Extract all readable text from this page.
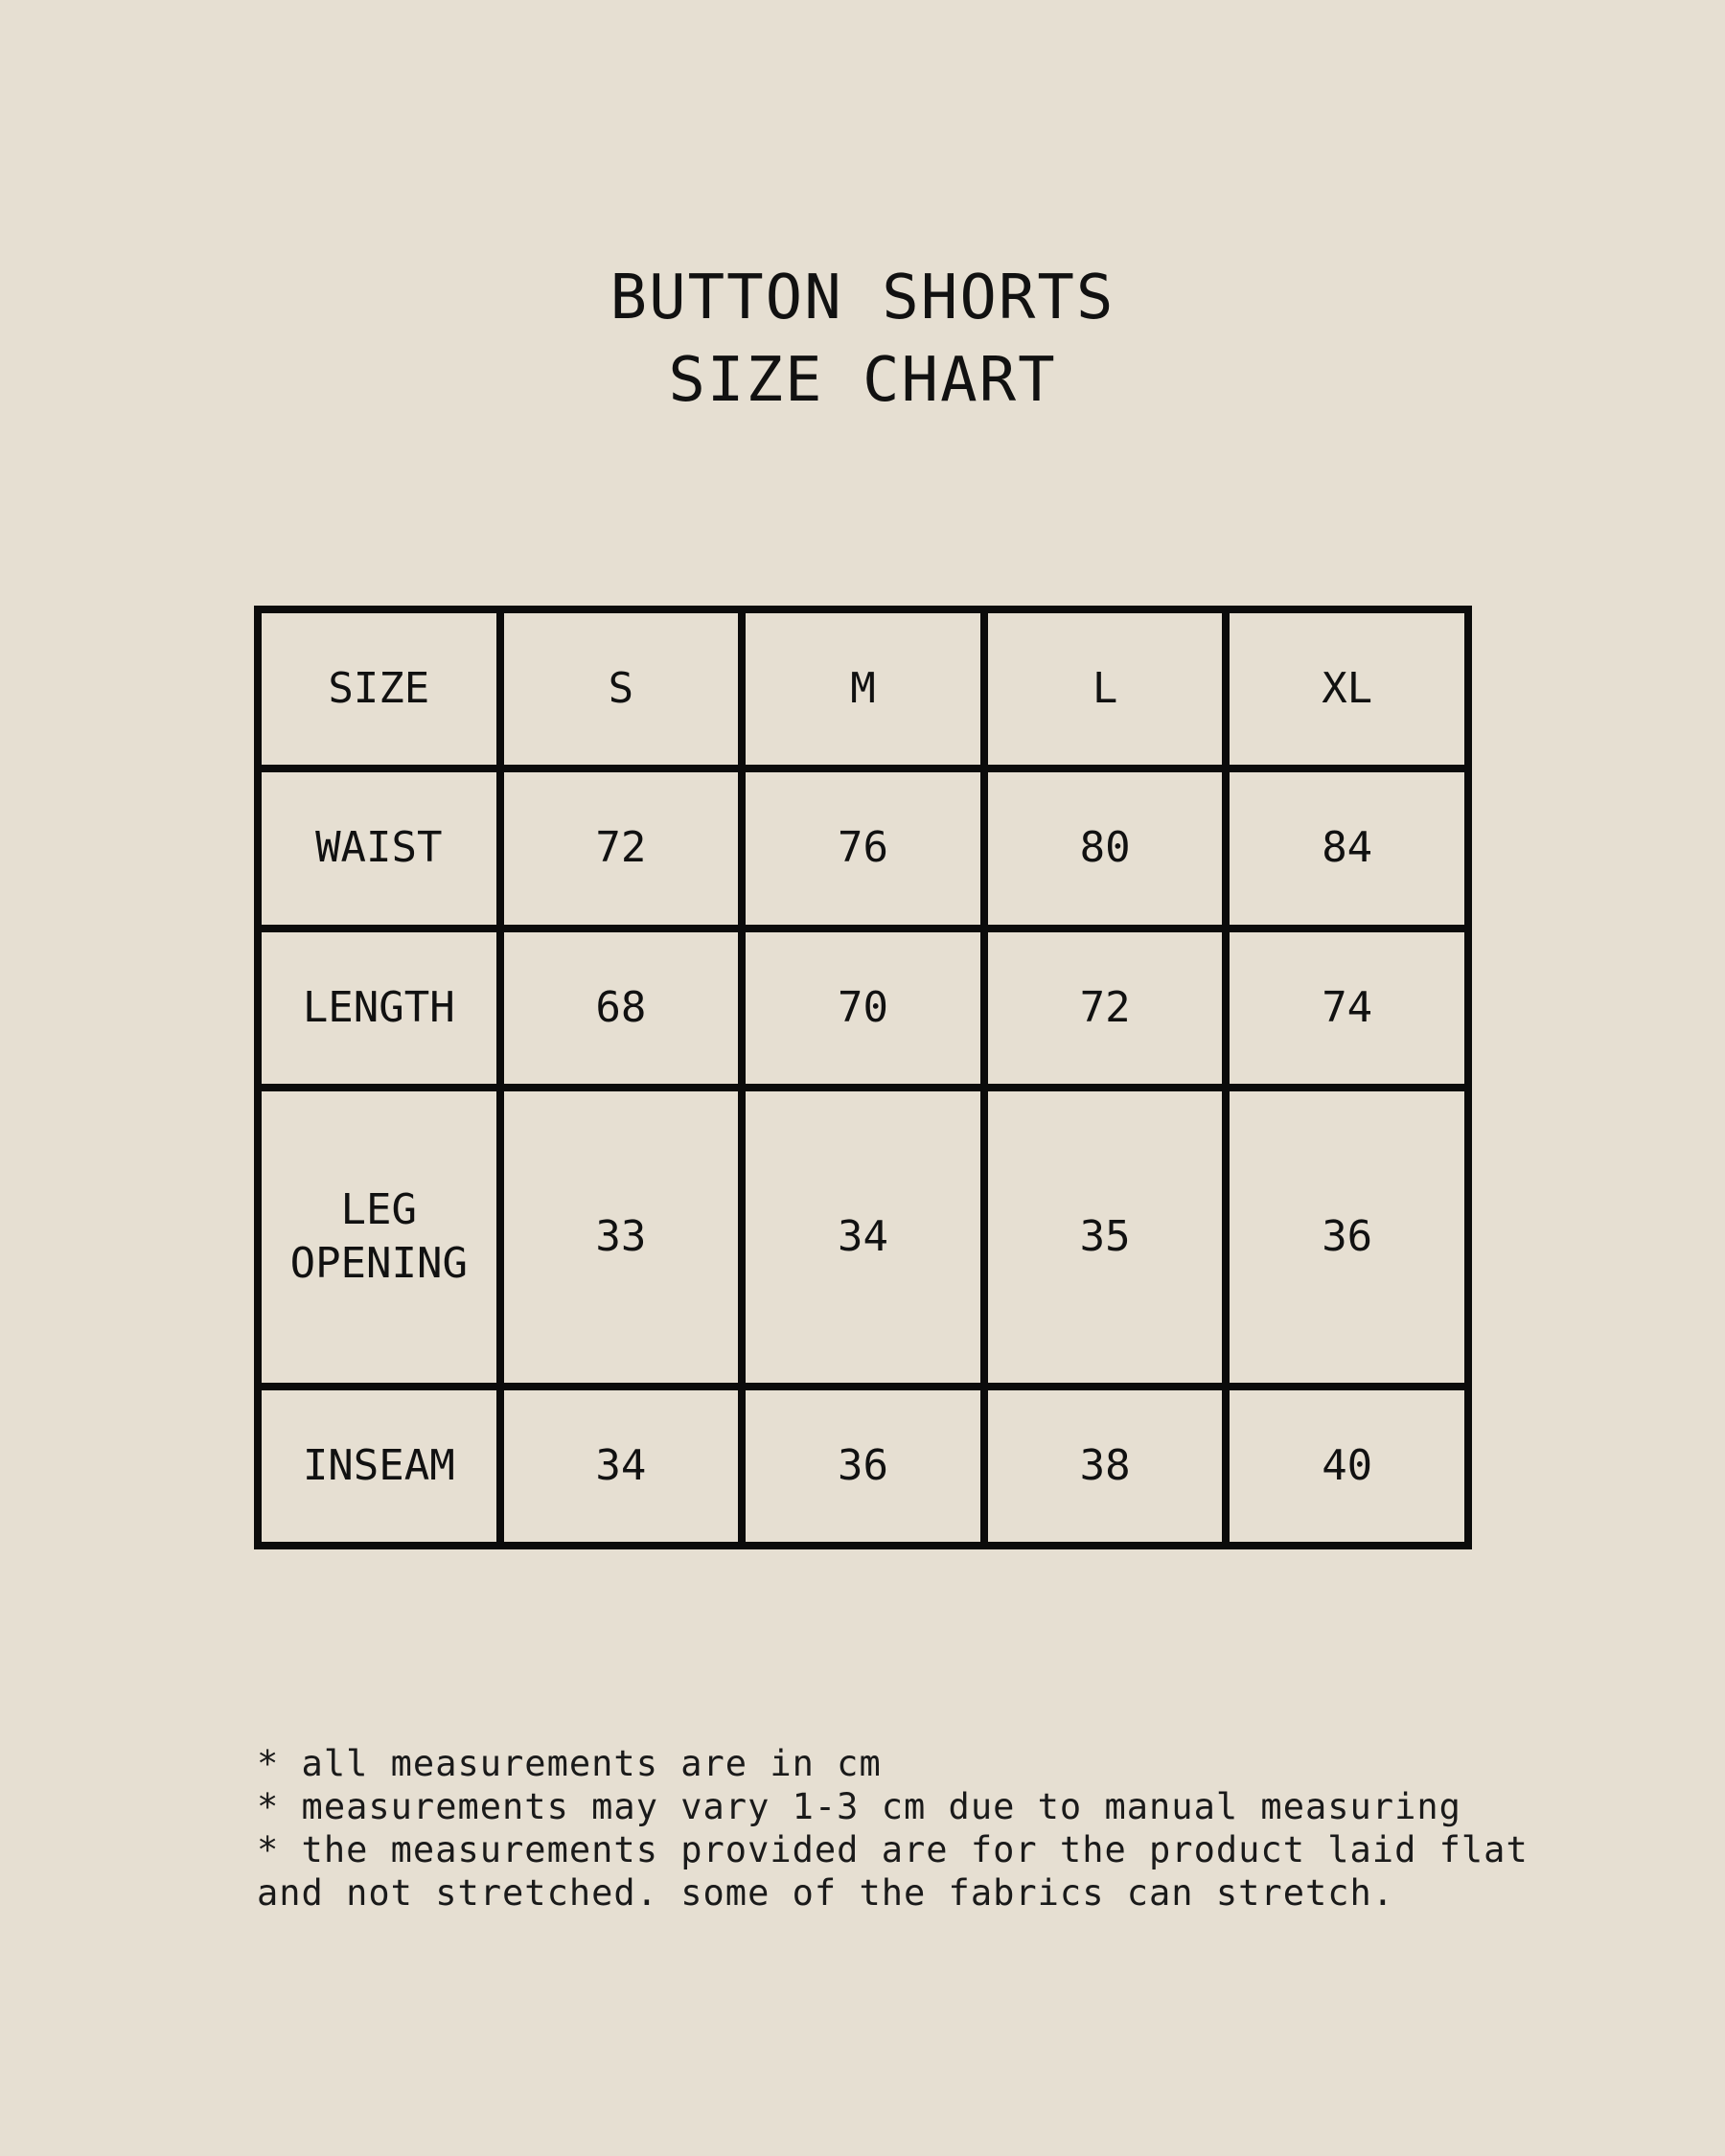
BUTTON SHORTS
SIZE CHART
SIZE	S	M	L	XL
WAIST	72	76	80	84
LENGTH	68	70	72	74
LEG
OPENING	33	34	35	36
INSEAM	34	36	38	40
* all measurements are in cm
* measurements may vary 1-3 cm due to manual measuring
* the measurements provided are for the product laid flat
and not stretched. some of the fabrics can stretch.
